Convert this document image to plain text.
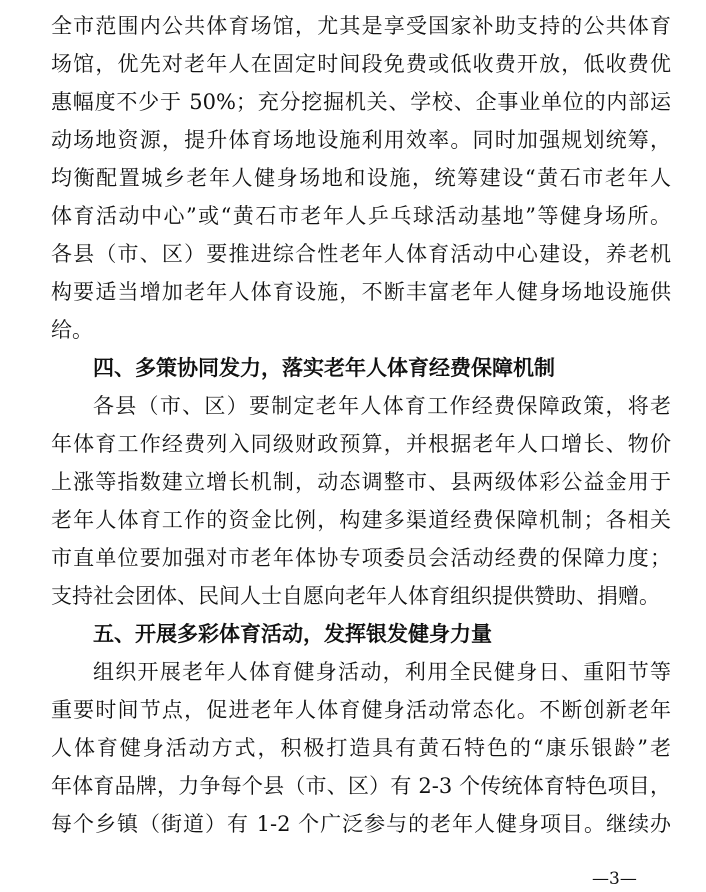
全市范围内公共体育场馆，尤其是享受国家补助支持的公共体育
场馆，优先对老年人在固定时间段免费或低收费开放，低收费优
惠幅度不少于 50%；充分挖掘机关、学校、企事业单位的内部运
动场地资源，提升体育场地设施利用效率。同时加强规划统筹，
均衡配置城乡老年人健身场地和设施，统筹建设“黄石市老年人
体育活动中心”或“黄石市老年人乒乓球活动基地”等健身场所。
各县（市、区）要推进综合性老年人体育活动中心建设，养老机
构要适当增加老年人体育设施，不断丰富老年人健身场地设施供
给。
四、多策协同发力，落实老年人体育经费保障机制
各县（市、区）要制定老年人体育工作经费保障政策，将老
年体育工作经费列入同级财政预算，并根据老年人口增长、物价
上涨等指数建立增长机制，动态调整市、县两级体彩公益金用于
老年人体育工作的资金比例，构建多渠道经费保障机制；各相关
市直单位要加强对市老年体协专项委员会活动经费的保障力度；
支持社会团体、民间人士自愿向老年人体育组织提供赞助、捐赠。
五、开展多彩体育活动，发挥银发健身力量
组织开展老年人体育健身活动，利用全民健身日、重阳节等
重要时间节点，促进老年人体育健身活动常态化。不断创新老年
人体育健身活动方式，积极打造具有黄石特色的“康乐银龄”老
年体育品牌，力争每个县（市、区）有 2-3 个传统体育特色项目，
每个乡镇（街道）有 1-2 个广泛参与的老年人健身项目。继续办
—3—
